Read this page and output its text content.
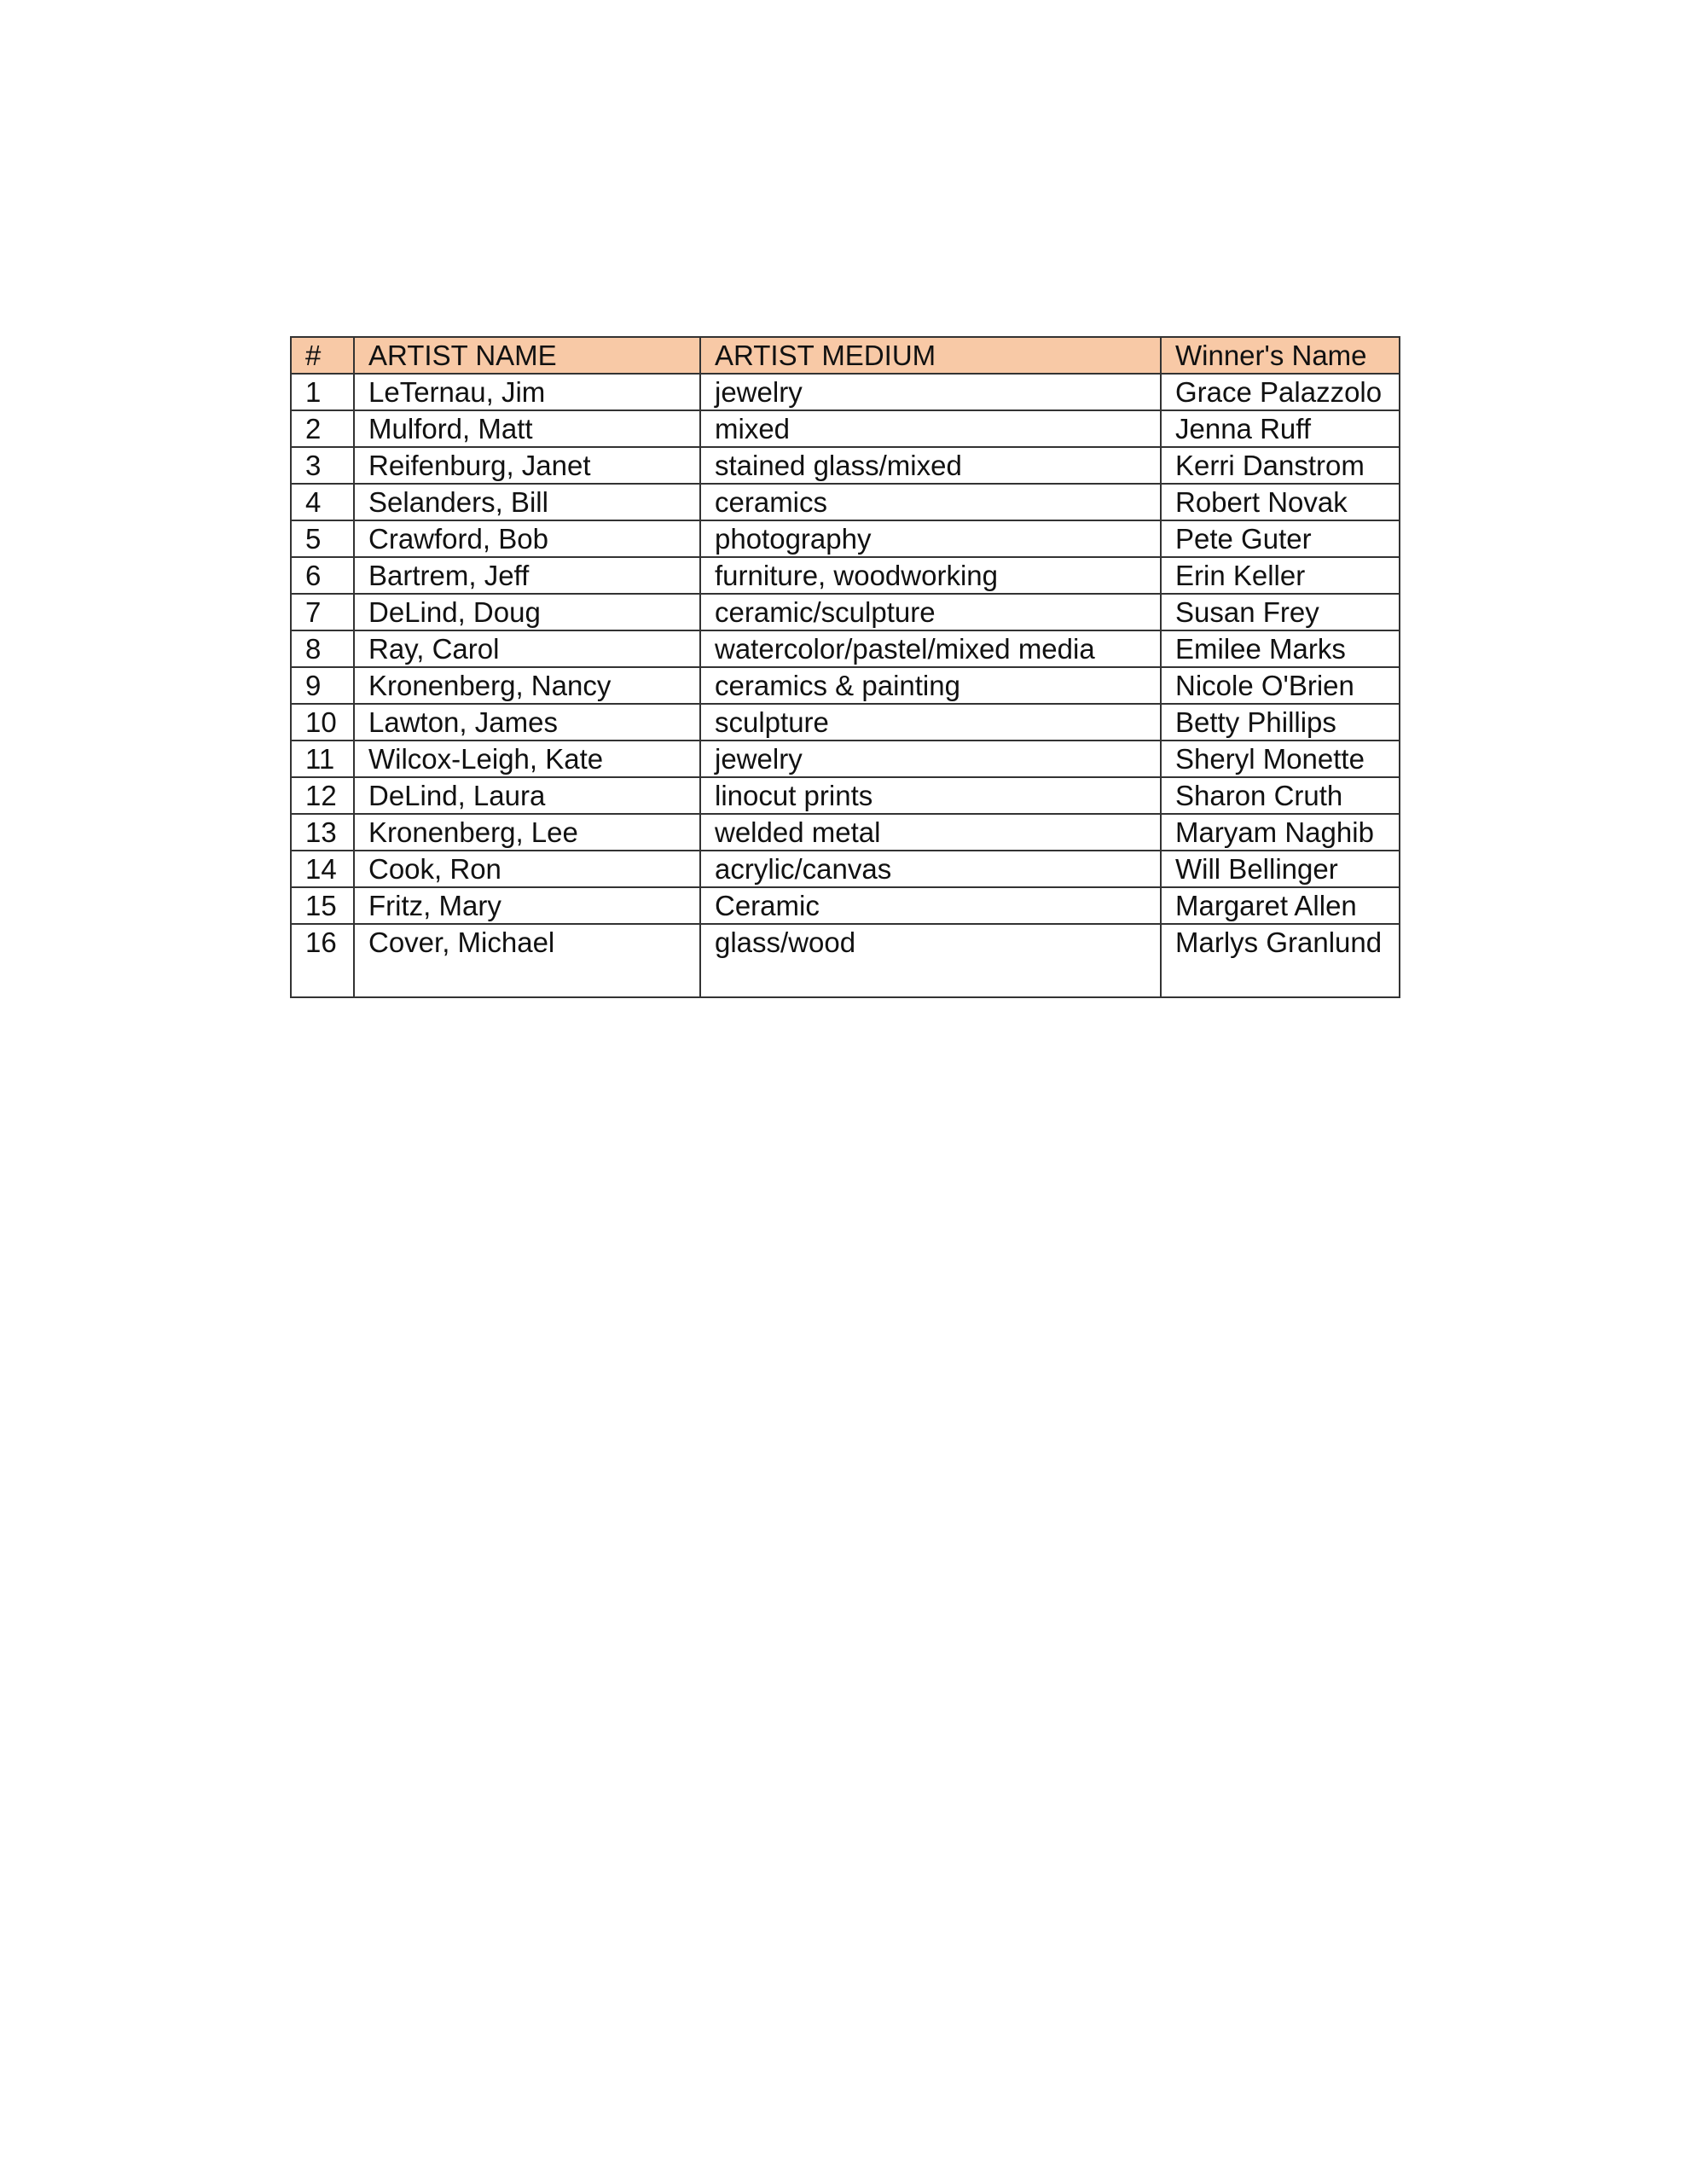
#	ARTIST NAME	ARTIST MEDIUM	Winner's Name
1	LeTernau, Jim	jewelry	Grace Palazzolo
2	Mulford, Matt	mixed	Jenna Ruff
3	Reifenburg, Janet	stained glass/mixed	Kerri Danstrom
4	Selanders, Bill	ceramics	Robert Novak
5	Crawford, Bob	photography	Pete Guter
6	Bartrem, Jeff	furniture, woodworking	Erin Keller
7	DeLind, Doug	ceramic/sculpture	Susan Frey
8	Ray, Carol	watercolor/pastel/mixed media	Emilee Marks
9	Kronenberg, Nancy	ceramics & painting	Nicole O'Brien
10	Lawton, James	sculpture	Betty Phillips
11	Wilcox-Leigh, Kate	jewelry	Sheryl Monette
12	DeLind, Laura	linocut prints	Sharon Cruth
13	Kronenberg, Lee	welded metal	Maryam Naghib
14	Cook, Ron	acrylic/canvas	Will Bellinger
15	Fritz, Mary	Ceramic	Margaret Allen
16	Cover, Michael	glass/wood	Marlys Granlund
